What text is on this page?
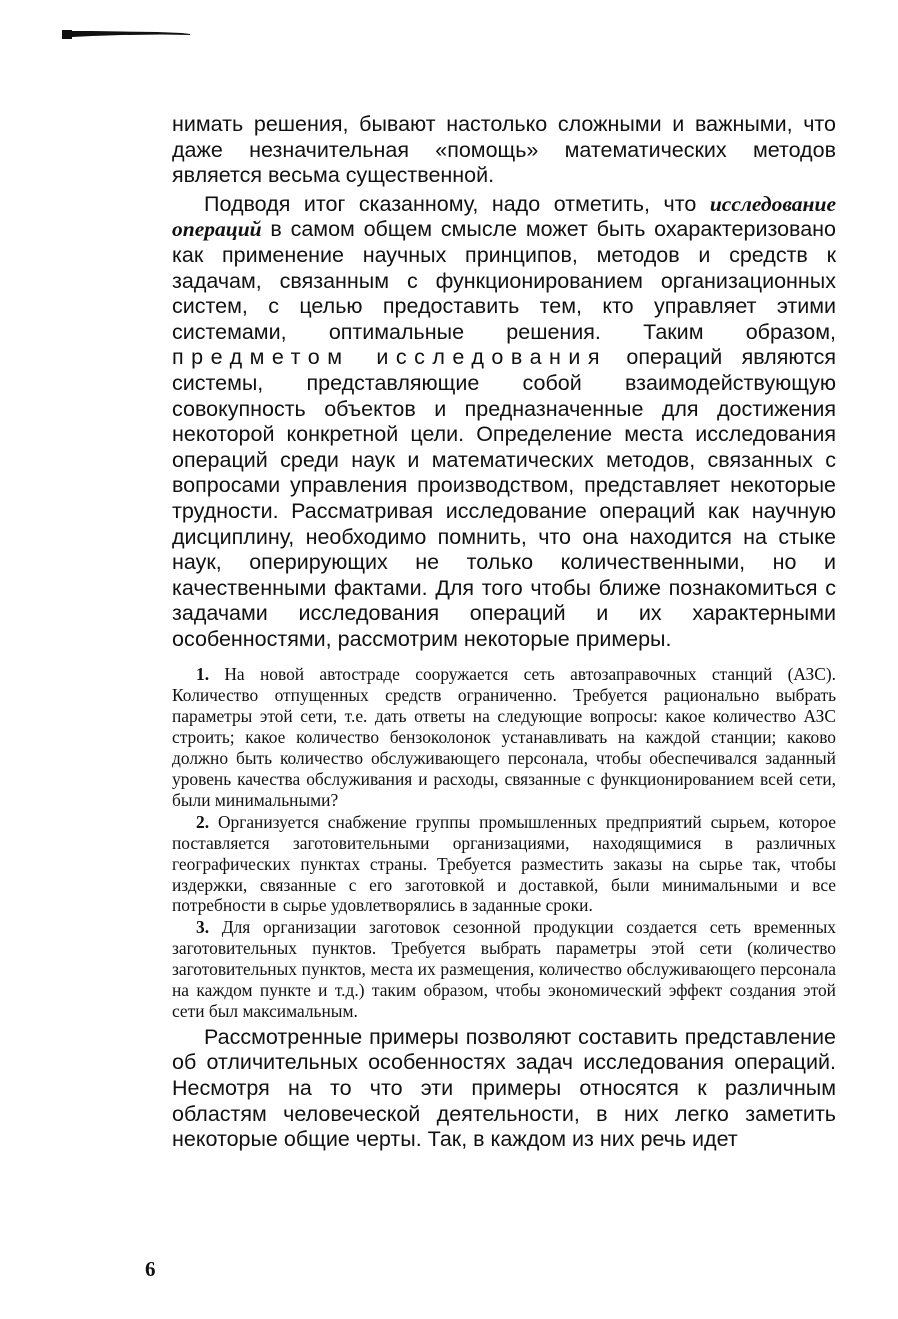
нимать решения, бывают настолько сложными и важными, что даже незначительная «помощь» математических методов является весьма существенной.

Подводя итог сказанному, надо отметить, что исследование операций в самом общем смысле может быть охарактеризовано как применение научных принципов, методов и средств к задачам, связанным с функционированием организационных систем, с целью предоставить тем, кто управляет этими системами, оптимальные решения. Таким образом, предметом исследования операций являются системы, представляющие собой взаимодействующую совокупность объектов и предназначенные для достижения некоторой конкретной цели. Определение места исследования операций среди наук и математических методов, связанных с вопросами управления производством, представляет некоторые трудности. Рассматривая исследование операций как научную дисциплину, необходимо помнить, что она находится на стыке наук, оперирующих не только количественными, но и качественными фактами. Для того чтобы ближе познакомиться с задачами исследования операций и их характерными особенностями, рассмотрим некоторые примеры.

1. На новой автостраде сооружается сеть автозаправочных станций (АЗС). Количество отпущенных средств ограниченно. Требуется рационально выбрать параметры этой сети, т.е. дать ответы на следующие вопросы: какое количество АЗС строить; какое количество бензоколонок устанавливать на каждой станции; каково должно быть количество обслуживающего персонала, чтобы обеспечивался заданный уровень качества обслуживания и расходы, связанные с функционированием всей сети, были минимальными?

2. Организуется снабжение группы промышленных предприятий сырьем, которое поставляется заготовительными организациями, находящимися в различных географических пунктах страны. Требуется разместить заказы на сырье так, чтобы издержки, связанные с его заготовкой и доставкой, были минимальными и все потребности в сырье удовлетворялись в заданные сроки.

3. Для организации заготовок сезонной продукции создается сеть временных заготовительных пунктов. Требуется выбрать параметры этой сети (количество заготовительных пунктов, места их размещения, количество обслуживающего персонала на каждом пункте и т.д.) таким образом, чтобы экономический эффект создания этой сети был максимальным.

Рассмотренные примеры позволяют составить представление об отличительных особенностях задач исследования операций. Несмотря на то что эти примеры относятся к различным областям человеческой деятельности, в них легко заметить некоторые общие черты. Так, в каждом из них речь идет

6
